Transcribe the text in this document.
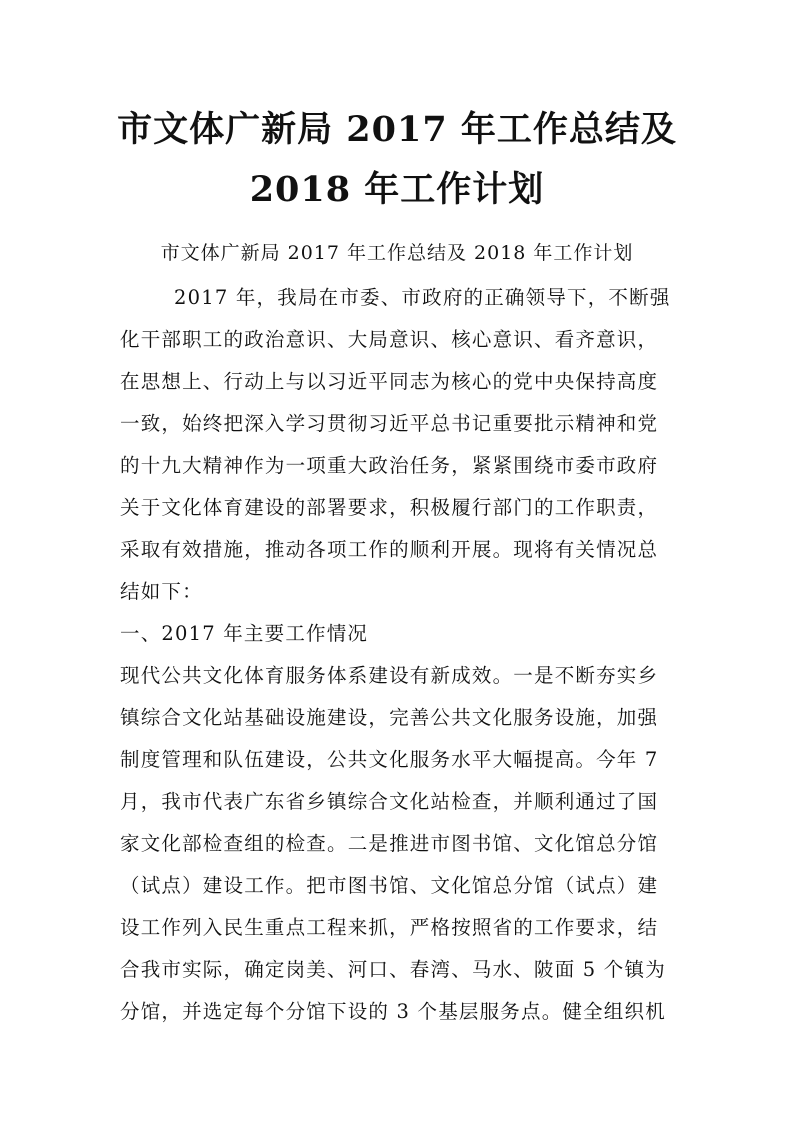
市文体广新局 2017 年工作总结及
2018 年工作计划
市文体广新局 2017 年工作总结及 2018 年工作计划
2017 年，我局在市委、市政府的正确领导下，不断强
化干部职工的政治意识、大局意识、核心意识、看齐意识，
在思想上、行动上与以习近平同志为核心的党中央保持高度
一致，始终把深入学习贯彻习近平总书记重要批示精神和党
的十九大精神作为一项重大政治任务，紧紧围绕市委市政府
关于文化体育建设的部署要求，积极履行部门的工作职责，
采取有效措施，推动各项工作的顺利开展。现将有关情况总
结如下：
一、2017 年主要工作情况
现代公共文化体育服务体系建设有新成效。一是不断夯实乡
镇综合文化站基础设施建设，完善公共文化服务设施，加强
制度管理和队伍建设，公共文化服务水平大幅提高。今年 7
月，我市代表广东省乡镇综合文化站检查，并顺利通过了国
家文化部检查组的检查。二是推进市图书馆、文化馆总分馆
（试点）建设工作。把市图书馆、文化馆总分馆（试点）建
设工作列入民生重点工程来抓，严格按照省的工作要求，结
合我市实际，确定岗美、河口、春湾、马水、陂面 5 个镇为
分馆，并选定每个分馆下设的 3 个基层服务点。健全组织机
